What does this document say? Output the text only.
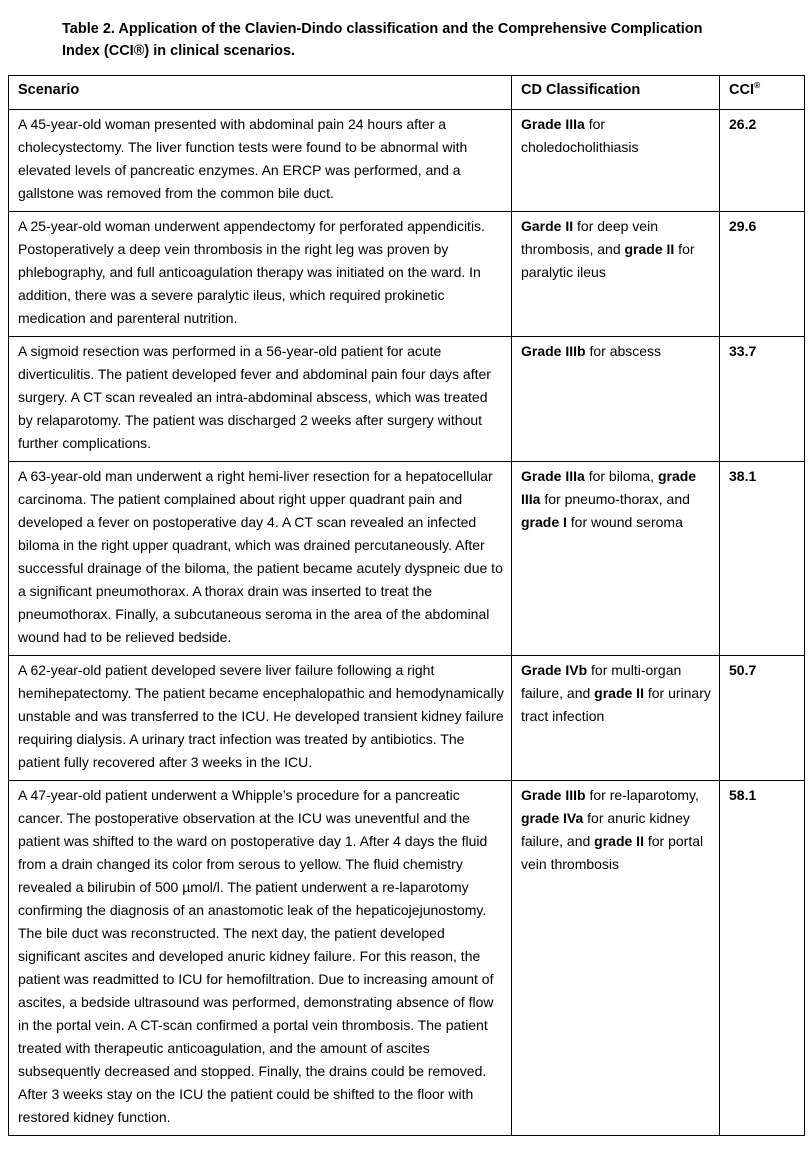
Table 2. Application of the Clavien-Dindo classification and the Comprehensive Complication Index (CCI®) in clinical scenarios.
Scenario	CD Classification	CCI®
A 45-year-old woman presented with abdominal pain 24 hours after a cholecystectomy. The liver function tests were found to be abnormal with elevated levels of pancreatic enzymes. An ERCP was performed, and a gallstone was removed from the common bile duct.	Grade IIIa for choledocholithiasis	26.2
A 25-year-old woman underwent appendectomy for perforated appendicitis. Postoperatively a deep vein thrombosis in the right leg was proven by phlebography, and full anticoagulation therapy was initiated on the ward. In addition, there was a severe paralytic ileus, which required prokinetic medication and parenteral nutrition.	Garde II for deep vein thrombosis, and grade II for paralytic ileus	29.6
A sigmoid resection was performed in a 56-year-old patient for acute diverticulitis. The patient developed fever and abdominal pain four days after surgery. A CT scan revealed an intra-abdominal abscess, which was treated by relaparotomy. The patient was discharged 2 weeks after surgery without further complications.	Grade IIIb for abscess	33.7
A 63-year-old man underwent a right hemi-liver resection for a hepatocellular carcinoma. The patient complained about right upper quadrant pain and developed a fever on postoperative day 4. A CT scan revealed an infected biloma in the right upper quadrant, which was drained percutaneously. After successful drainage of the biloma, the patient became acutely dyspneic due to a significant pneumothorax. A thorax drain was inserted to treat the pneumothorax. Finally, a subcutaneous seroma in the area of the abdominal wound had to be relieved bedside.	Grade IIIa for biloma, grade IIIa for pneumo-thorax, and grade I for wound seroma	38.1
A 62-year-old patient developed severe liver failure following a right hemihepatectomy. The patient became encephalopathic and hemodynamically unstable and was transferred to the ICU. He developed transient kidney failure requiring dialysis. A urinary tract infection was treated by antibiotics. The patient fully recovered after 3 weeks in the ICU.	Grade IVb for multi-organ failure, and grade II for urinary tract infection	50.7
A 47-year-old patient underwent a Whipple’s procedure for a pancreatic cancer. The postoperative observation at the ICU was uneventful and the patient was shifted to the ward on postoperative day 1. After 4 days the fluid from a drain changed its color from serous to yellow. The fluid chemistry revealed a bilirubin of 500 µmol/l. The patient underwent a re-laparotomy confirming the diagnosis of an anastomotic leak of the hepaticojejunostomy. The bile duct was reconstructed. The next day, the patient developed significant ascites and developed anuric kidney failure. For this reason, the patient was readmitted to ICU for hemofiltration. Due to increasing amount of ascites, a bedside ultrasound was performed, demonstrating absence of flow in the portal vein. A CT-scan confirmed a portal vein thrombosis. The patient treated with therapeutic anticoagulation, and the amount of ascites subsequently decreased and stopped. Finally, the drains could be removed. After 3 weeks stay on the ICU the patient could be shifted to the floor with restored kidney function.	Grade IIIb for re-laparotomy, grade IVa for anuric kidney failure, and grade II for portal vein thrombosis	58.1
